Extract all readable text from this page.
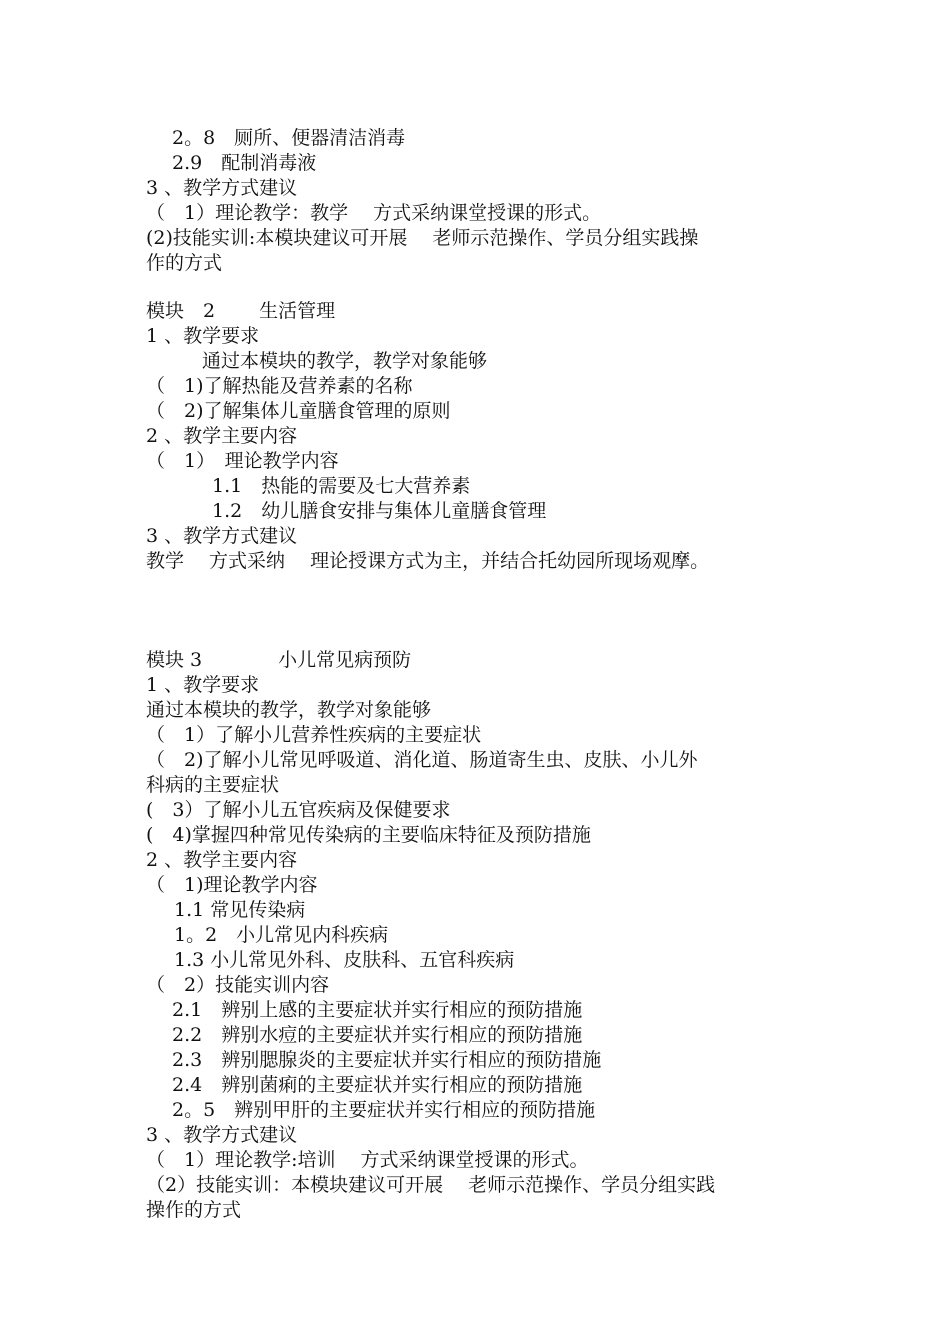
2。8　厕所、便器清洁消毒
2.9　配制消毒液
3 、教学方式建议
（　1）理论教学：教学　 方式采纳课堂授课的形式。
(2)技能实训:本模块建议可开展　 老师示范操作、学员分组实践操
作的方式
模块　2　　 生活管理
1 、教学要求
通过本模块的教学，教学对象能够
（　1)了解热能及营养素的名称
（　2)了解集体儿童膳食管理的原则
2 、教学主要内容
（　1）　理论教学内容
1.1　热能的需要及七大营养素
1.2　幼儿膳食安排与集体儿童膳食管理
3 、教学方式建议
教学　 方式采纳　 理论授课方式为主，并结合托幼园所现场观摩。
模块 3　　　　小儿常见病预防
1 、教学要求
通过本模块的教学，教学对象能够
（　1）了解小儿营养性疾病的主要症状
（　2)了解小儿常见呼吸道、消化道、肠道寄生虫、皮肤、小儿外
科病的主要症状
(　3）了解小儿五官疾病及保健要求
(　4)掌握四种常见传染病的主要临床特征及预防措施
2 、教学主要内容
（　1)理论教学内容
1.1 常见传染病
1。2　小儿常见内科疾病
1.3 小儿常见外科、皮肤科、五官科疾病
（　2）技能实训内容
2.1　辨别上感的主要症状并实行相应的预防措施
2.2　辨别水痘的主要症状并实行相应的预防措施
2.3　辨别腮腺炎的主要症状并实行相应的预防措施
2.4　辨别菌痢的主要症状并实行相应的预防措施
2。5　辨别甲肝的主要症状并实行相应的预防措施
3 、教学方式建议
（　1）理论教学:培训　 方式采纳课堂授课的形式。
（2）技能实训：本模块建议可开展　 老师示范操作、学员分组实践
操作的方式
